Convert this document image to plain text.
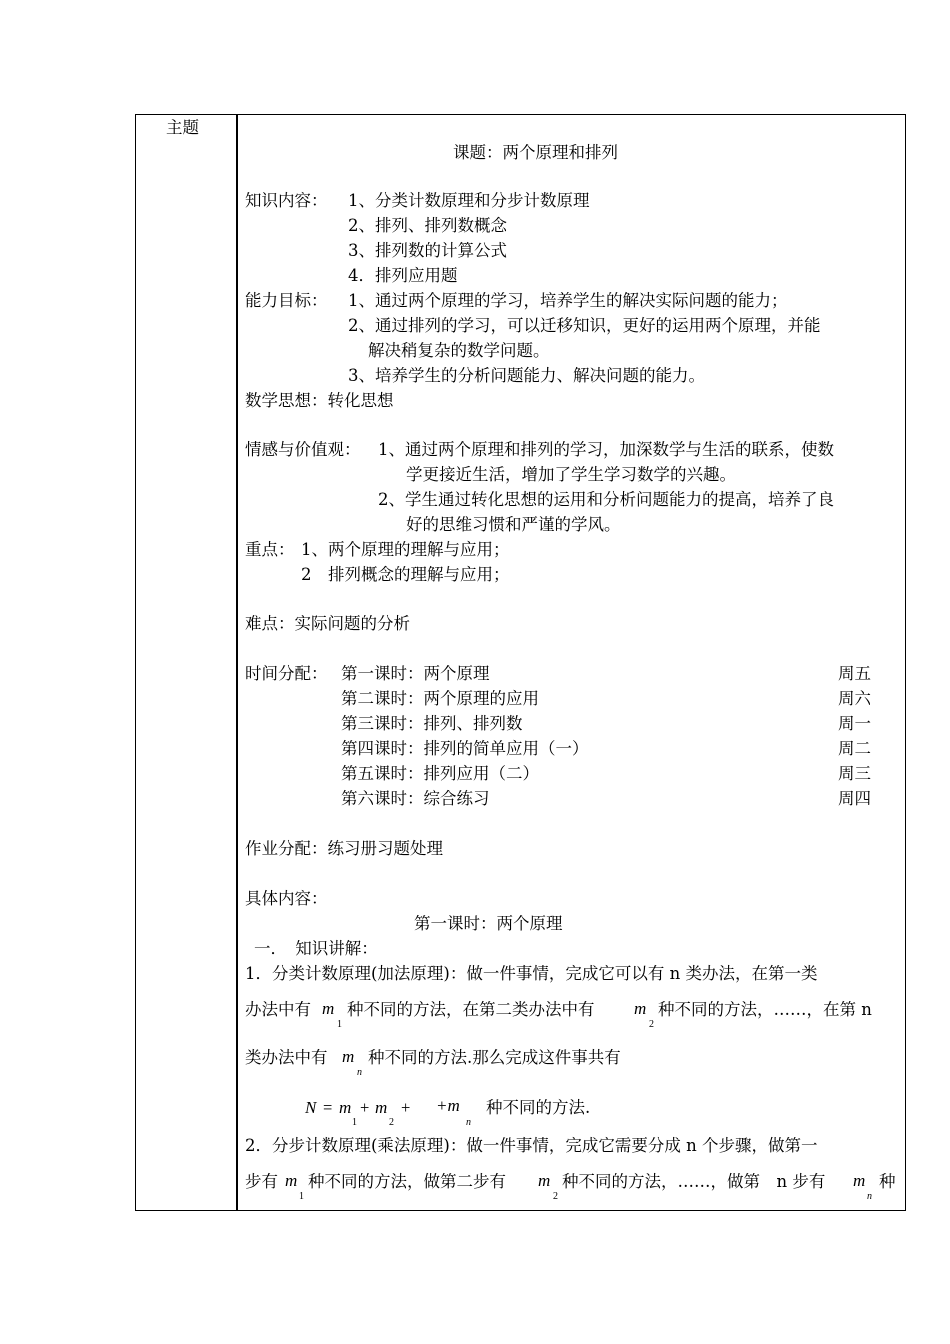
主题
课题：两个原理和排列
知识内容： 1、分类计数原理和分步计数原理
2、排列、排列数概念
3、排列数的计算公式
4．排列应用题
能力目标： 1、通过两个原理的学习，培养学生的解决实际问题的能力；
2、通过排列的学习，可以迁移知识，更好的运用两个原理，并能
解决稍复杂的数学问题。
3、培养学生的分析问题能力、解决问题的能力。
数学思想：转化思想
情感与价值观： 1、通过两个原理和排列的学习，加深数学与生活的联系，使数
学更接近生活，增加了学生学习数学的兴趣。
2、学生通过转化思想的运用和分析问题能力的提高，培养了良
好的思维习惯和严谨的学风。
重点： 1、两个原理的理解与应用；
2　排列概念的理解与应用；
难点：实际问题的分析
时间分配： 第一课时：两个原理	周五
第二课时：两个原理的应用	周六
第三课时：排列、排列数	周一
第四课时：排列的简单应用（一）	周二
第五课时：排列应用（二）	周三
第六课时：综合练习	周四
作业分配：练习册习题处理
具体内容：
第一课时：两个原理
一．　知识讲解：
1．分类计数原理(加法原理)：做一件事情，完成它可以有 n 类办法，在第一类
办法中有 m
1
种不同的方法，在第二类办法中有 m
2
种不同的方法，……，在第 n
类办法中有 m
n
种不同的方法.那么完成这件事共有
N = m
1
+ m
2
+ +m
n
种不同的方法.
2．分步计数原理(乘法原理)：做一件事情，完成它需要分成 n 个步骤，做第一
步有 m
1
种不同的方法，做第二步有 m
2
种不同的方法，……，做第　n 步有 m
n
种
